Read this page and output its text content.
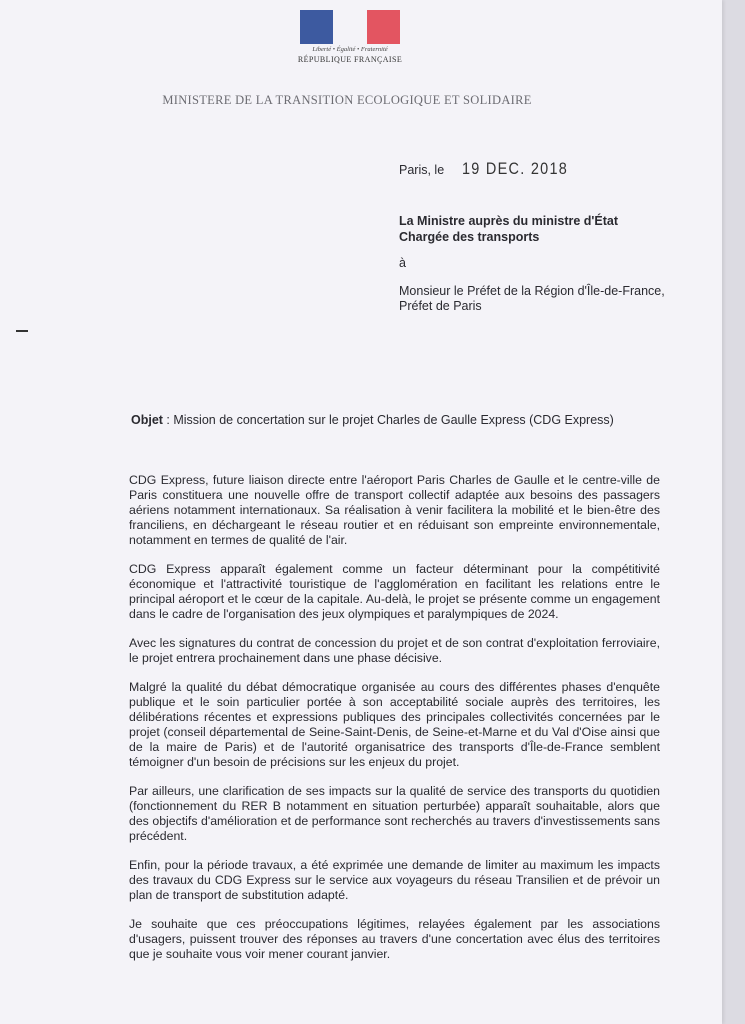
Liberté • Égalité • Fraternité
RÉPUBLIQUE FRANÇAISE
MINISTERE DE LA TRANSITION ECOLOGIQUE ET SOLIDAIRE
Paris, le 19 DEC. 2018
La Ministre auprès du ministre d'État
Chargée des transports
à
Monsieur le Préfet de la Région d'Île-de-France,
Préfet de Paris
Objet : Mission de concertation sur le projet Charles de Gaulle Express (CDG Express)

CDG Express, future liaison directe entre l'aéroport Paris Charles de Gaulle et le centre-ville de Paris constituera une nouvelle offre de transport collectif adaptée aux besoins des passagers aériens notamment internationaux. Sa réalisation à venir facilitera la mobilité et le bien-être des franciliens, en déchargeant le réseau routier et en réduisant son empreinte environnementale, notamment en termes de qualité de l'air.

CDG Express apparaît également comme un facteur déterminant pour la compétitivité économique et l'attractivité touristique de l'agglomération en facilitant les relations entre le principal aéroport et le cœur de la capitale. Au-delà, le projet se présente comme un engagement dans le cadre de l'organisation des jeux olympiques et paralympiques de 2024.

Avec les signatures du contrat de concession du projet et de son contrat d'exploitation ferroviaire, le projet entrera prochainement dans une phase décisive.

Malgré la qualité du débat démocratique organisée au cours des différentes phases d'enquête publique et le soin particulier portée à son acceptabilité sociale auprès des territoires, les délibérations récentes et expressions publiques des principales collectivités concernées par le projet (conseil départemental de Seine-Saint-Denis, de Seine-et-Marne et du Val d'Oise ainsi que de la maire de Paris) et de l'autorité organisatrice des transports d'Île-de-France semblent témoigner d'un besoin de précisions sur les enjeux du projet.

Par ailleurs, une clarification de ses impacts sur la qualité de service des transports du quotidien (fonctionnement du RER B notamment en situation perturbée) apparaît souhaitable, alors que des objectifs d'amélioration et de performance sont recherchés au travers d'investissements sans précédent.

Enfin, pour la période travaux, a été exprimée une demande de limiter au maximum les impacts des travaux du CDG Express sur le service aux voyageurs du réseau Transilien et de prévoir un plan de transport de substitution adapté.

Je souhaite que ces préoccupations légitimes, relayées également par les associations d'usagers, puissent trouver des réponses au travers d'une concertation avec élus des territoires que je souhaite vous voir mener courant janvier.
